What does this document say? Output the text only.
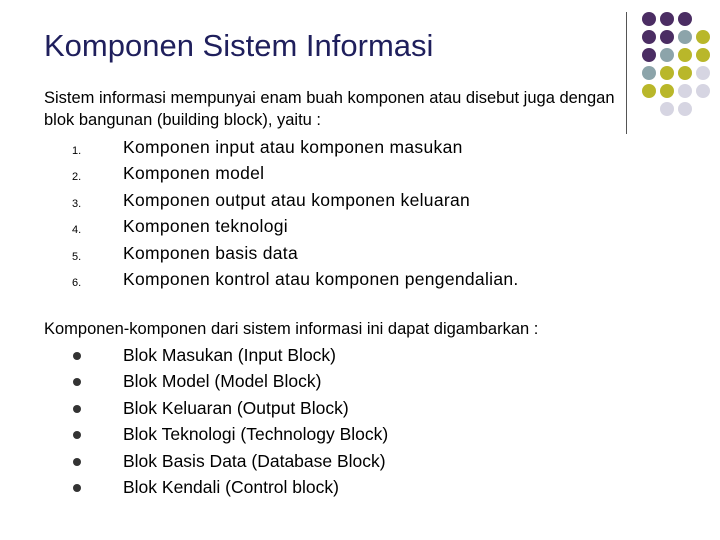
Komponen Sistem Informasi
Sistem informasi mempunyai enam buah komponen atau disebut juga dengan blok bangunan (building block), yaitu :
1. Komponen input atau komponen masukan
2. Komponen model
3. Komponen output atau komponen keluaran
4. Komponen teknologi
5. Komponen basis data
6. Komponen kontrol atau komponen pengendalian.
Komponen-komponen dari sistem informasi ini dapat digambarkan :
Blok Masukan (Input Block)
Blok Model (Model Block)
Blok Keluaran (Output Block)
Blok Teknologi (Technology Block)
Blok Basis Data (Database Block)
Blok Kendali (Control block)
